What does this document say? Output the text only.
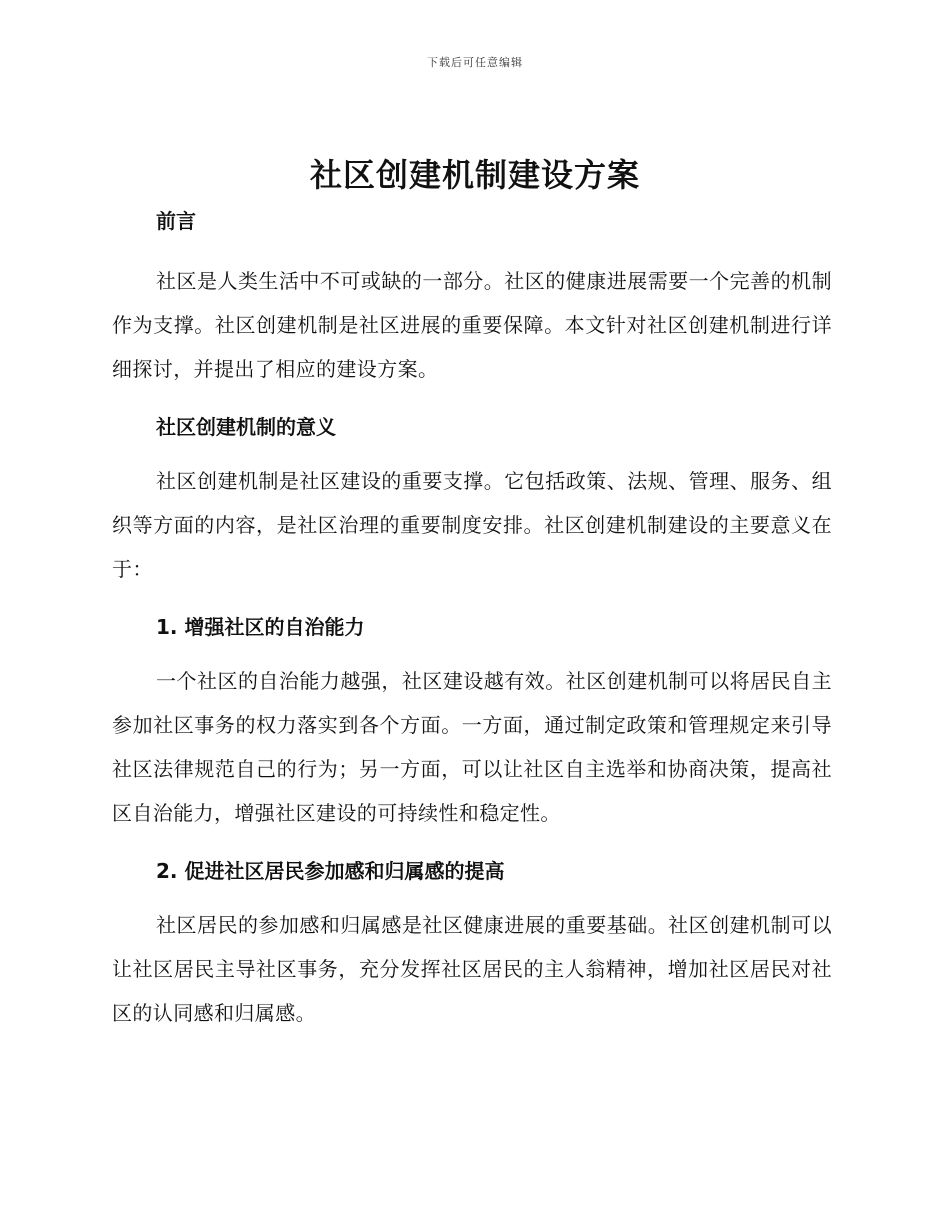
下载后可任意编辑
社区创建机制建设方案
前言

社区是人类生活中不可或缺的一部分。社区的健康进展需要一个完善的机制作为支撑。社区创建机制是社区进展的重要保障。本文针对社区创建机制进行详细探讨，并提出了相应的建设方案。

社区创建机制的意义

社区创建机制是社区建设的重要支撑。它包括政策、法规、管理、服务、组织等方面的内容，是社区治理的重要制度安排。社区创建机制建设的主要意义在于：

1. 增强社区的自治能力

一个社区的自治能力越强，社区建设越有效。社区创建机制可以将居民自主参加社区事务的权力落实到各个方面。一方面，通过制定政策和管理规定来引导社区法律规范自己的行为；另一方面，可以让社区自主选举和协商决策，提高社区自治能力，增强社区建设的可持续性和稳定性。

2. 促进社区居民参加感和归属感的提高

社区居民的参加感和归属感是社区健康进展的重要基础。社区创建机制可以让社区居民主导社区事务，充分发挥社区居民的主人翁精神，增加社区居民对社区的认同感和归属感。
